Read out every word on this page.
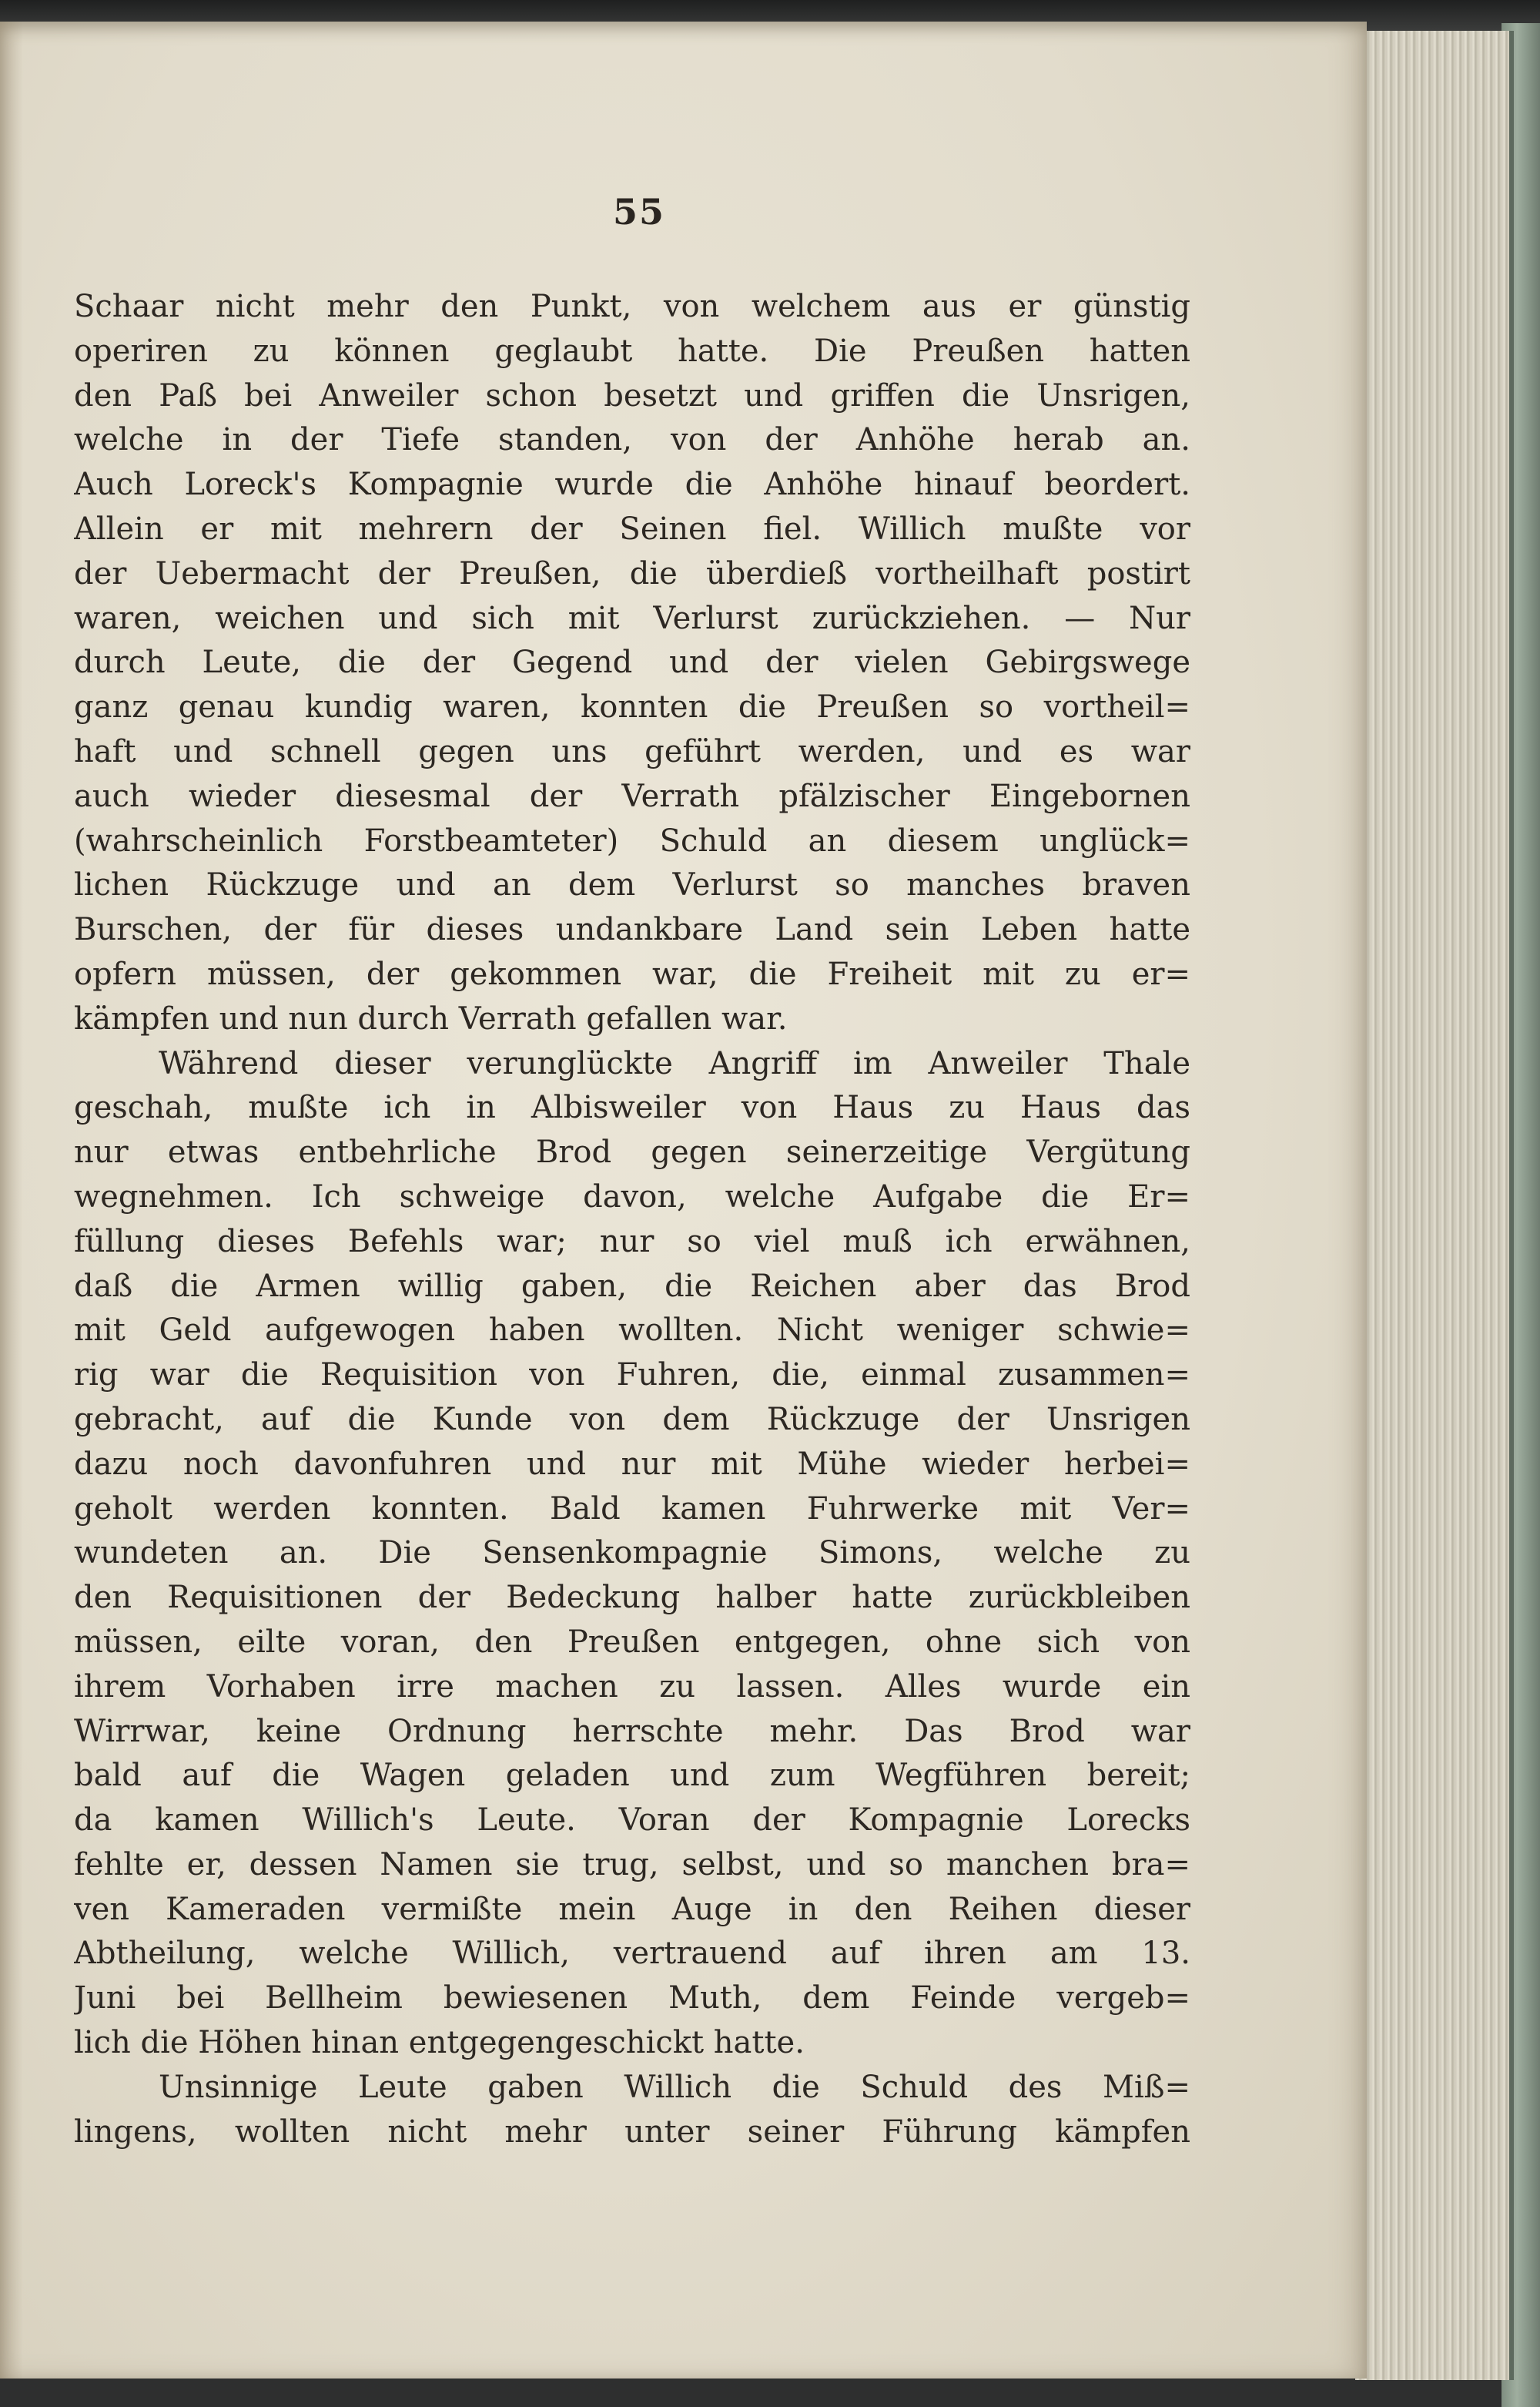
55
Schaar nicht mehr den Punkt, von welchem aus er günstig
operiren zu können geglaubt hatte. Die Preußen hatten
den Paß bei Anweiler schon besetzt und griffen die Unsrigen,
welche in der Tiefe standen, von der Anhöhe herab an.
Auch Loreck's Kompagnie wurde die Anhöhe hinauf beordert.
Allein er mit mehrern der Seinen fiel. Willich mußte vor
der Uebermacht der Preußen, die überdieß vortheilhaft postirt
waren, weichen und sich mit Verlurst zurückziehen. — Nur
durch Leute, die der Gegend und der vielen Gebirgswege
ganz genau kundig waren, konnten die Preußen so vortheil=
haft und schnell gegen uns geführt werden, und es war
auch wieder diesesmal der Verrath pfälzischer Eingebornen
(wahrscheinlich Forstbeamteter) Schuld an diesem unglück=
lichen Rückzuge und an dem Verlurst so manches braven
Burschen, der für dieses undankbare Land sein Leben hatte
opfern müssen, der gekommen war, die Freiheit mit zu er=
kämpfen und nun durch Verrath gefallen war.
Während dieser verunglückte Angriff im Anweiler Thale
geschah, mußte ich in Albisweiler von Haus zu Haus das
nur etwas entbehrliche Brod gegen seinerzeitige Vergütung
wegnehmen. Ich schweige davon, welche Aufgabe die Er=
füllung dieses Befehls war; nur so viel muß ich erwähnen,
daß die Armen willig gaben, die Reichen aber das Brod
mit Geld aufgewogen haben wollten. Nicht weniger schwie=
rig war die Requisition von Fuhren, die, einmal zusammen=
gebracht, auf die Kunde von dem Rückzuge der Unsrigen
dazu noch davonfuhren und nur mit Mühe wieder herbei=
geholt werden konnten. Bald kamen Fuhrwerke mit Ver=
wundeten an. Die Sensenkompagnie Simons, welche zu
den Requisitionen der Bedeckung halber hatte zurückbleiben
müssen, eilte voran, den Preußen entgegen, ohne sich von
ihrem Vorhaben irre machen zu lassen. Alles wurde ein
Wirrwar, keine Ordnung herrschte mehr. Das Brod war
bald auf die Wagen geladen und zum Wegführen bereit;
da kamen Willich's Leute. Voran der Kompagnie Lorecks
fehlte er, dessen Namen sie trug, selbst, und so manchen bra=
ven Kameraden vermißte mein Auge in den Reihen dieser
Abtheilung, welche Willich, vertrauend auf ihren am 13.
Juni bei Bellheim bewiesenen Muth, dem Feinde vergeb=
lich die Höhen hinan entgegengeschickt hatte.
Unsinnige Leute gaben Willich die Schuld des Miß=
lingens, wollten nicht mehr unter seiner Führung kämpfen
